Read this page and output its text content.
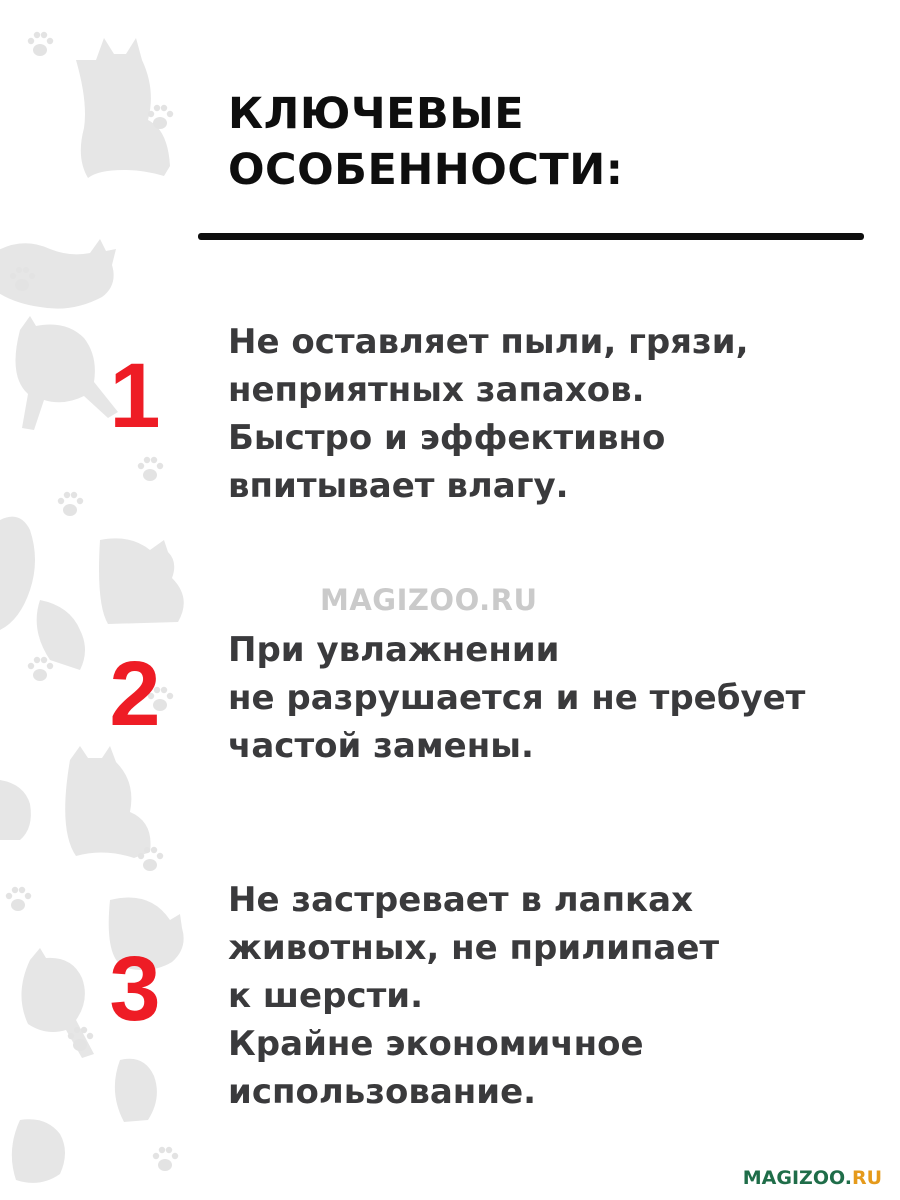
КЛЮЧЕВЫЕ
ОСОБЕННОСТИ:
1

Не оставляет пыли, грязи,
неприятных запахов.
Быстро и эффективно
впитывает влагу.

MAGIZOO.RU
2 При увлажнении
не разрушается и не требует
частой замены.

3

Не застревает в лапках
животных, не прилипает
к шерсти.
Крайне экономичное
использование.

MAGIZOO.RU
